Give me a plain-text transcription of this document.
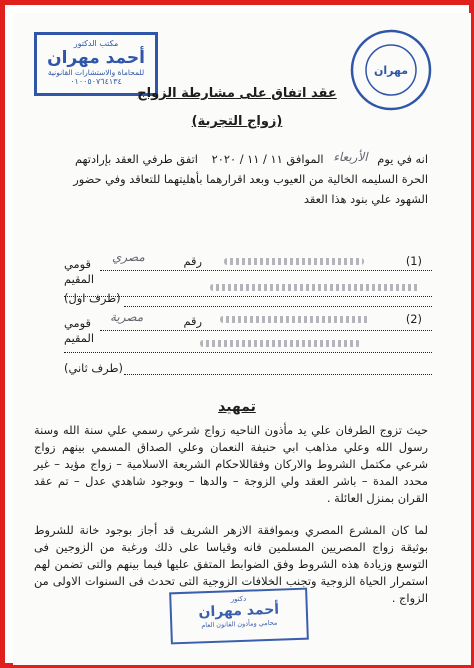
مكتب الدكتور
أحمد مهران
للمحاماة والاستشارات القانونية
٠١٠٠٥٠٧٦٤١٣٤
مهران
عقد اتفاق على مشارطة الزواج
(زواج التجربة)
انه في يوم الأربعاء الموافق ١١ / ١١ / ٢٠٢٠ اتفق طرفي العقد بإرادتهم
الحرة السليمه الخالية من العيوب وبعد اقرارهما بأهليتهما للتعاقد وفي حضور
الشهود علي بنود هذا العقد
(1)
رقم
مصري
قومي
المقيم
(طرف اول)
(2)
رقم
مصرية
قومي
المقيم
(طرف ثاني)
تمهيد
حيث تزوج الطرفان علي يد مأذون الناحيه زواج شرعي رسمي علي سنة الله وسنة رسول الله وعلي مذاهب ابي حنيفة النعمان وعلي الصداق المسمي بينهم زواج شرعي مكتمل الشروط والاركان وفقاللاحكام الشريعة الاسلامية – زواج مؤيد – غير محدد المدة – باشر العقد ولي الزوجة – والدها – وبوجود شاهدي عدل – تم عقد القران بمنزل العائلة .
لما كان المشرع المصري وبموافقة الازهر الشريف قد أجاز بوجود خانة للشروط بوثيقة زواج المصريين المسلمين فانه وقياسا على ذلك ورغبة من الزوجين فى التوسع وزيادة هذه الشروط وفق الضوابط المتفق عليها فيما بينهم والتى تضمن لهم استمرار الحياة الزوجية وتجنب الخلافات الزوجية التى تحدث فى السنوات الاولى من الزواج .
دكتور
أحمد مهران
محامي ومأذون القانون العام
